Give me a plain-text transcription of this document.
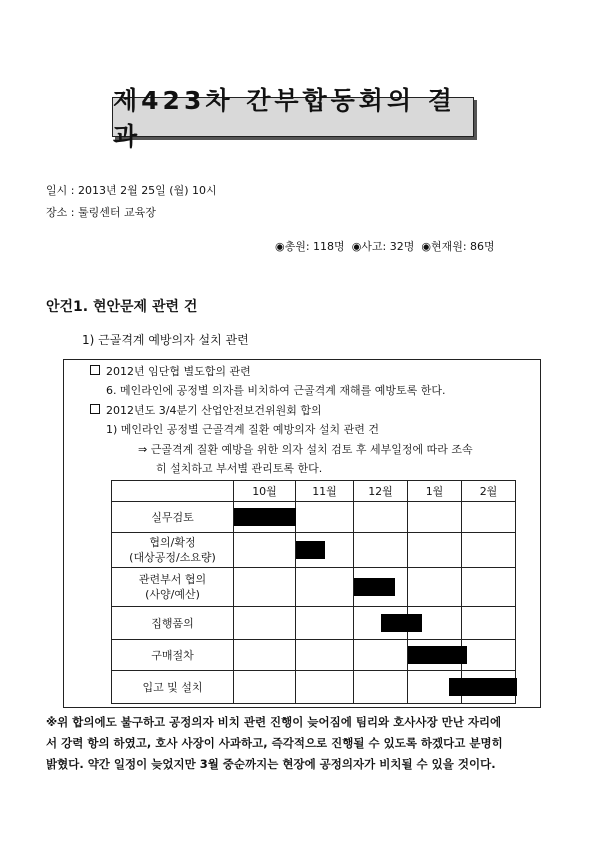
제423차 간부합동회의 결과
일시 : 2013년 2월 25일 (월) 10시
장소 : 툴링센터 교육장
◉총원: 118명 ◉사고: 32명 ◉현재원: 86명
안건1. 현안문제 관련 건
1) 근골격계 예방의자 설치 관련
2012년 임단협 별도합의 관련
6. 메인라인에 공정별 의자를 비치하여 근골격계 재해를 예방토록 한다.
2012년도 3/4분기 산업안전보건위원회 합의
1) 메인라인 공정별 근골격계 질환 예방의자 설치 관련 건
⇒ 근골격계 질환 예방을 위한 의자 설치 검토 후 세부일정에 따라 조속
히 설치하고 부서별 관리토록 한다.
	10월	11월	12월	1월	2월

실무검토					

협의/확정
(대상공정/소요량)					

관련부서 협의
(사양/예산)					

집행품의					

구매절차					

입고 및 설치					

※위 합의에도 불구하고 공정의자 비치 관련 진행이 늦어짐에 팀리와 호사사장 만난 자리에
서 강력 항의 하였고, 호사 사장이 사과하고, 즉각적으로 진행될 수 있도록 하겠다고 분명히
밝혔다. 약간 일정이 늦었지만 3월 중순까지는 현장에 공정의자가 비치될 수 있을 것이다.
